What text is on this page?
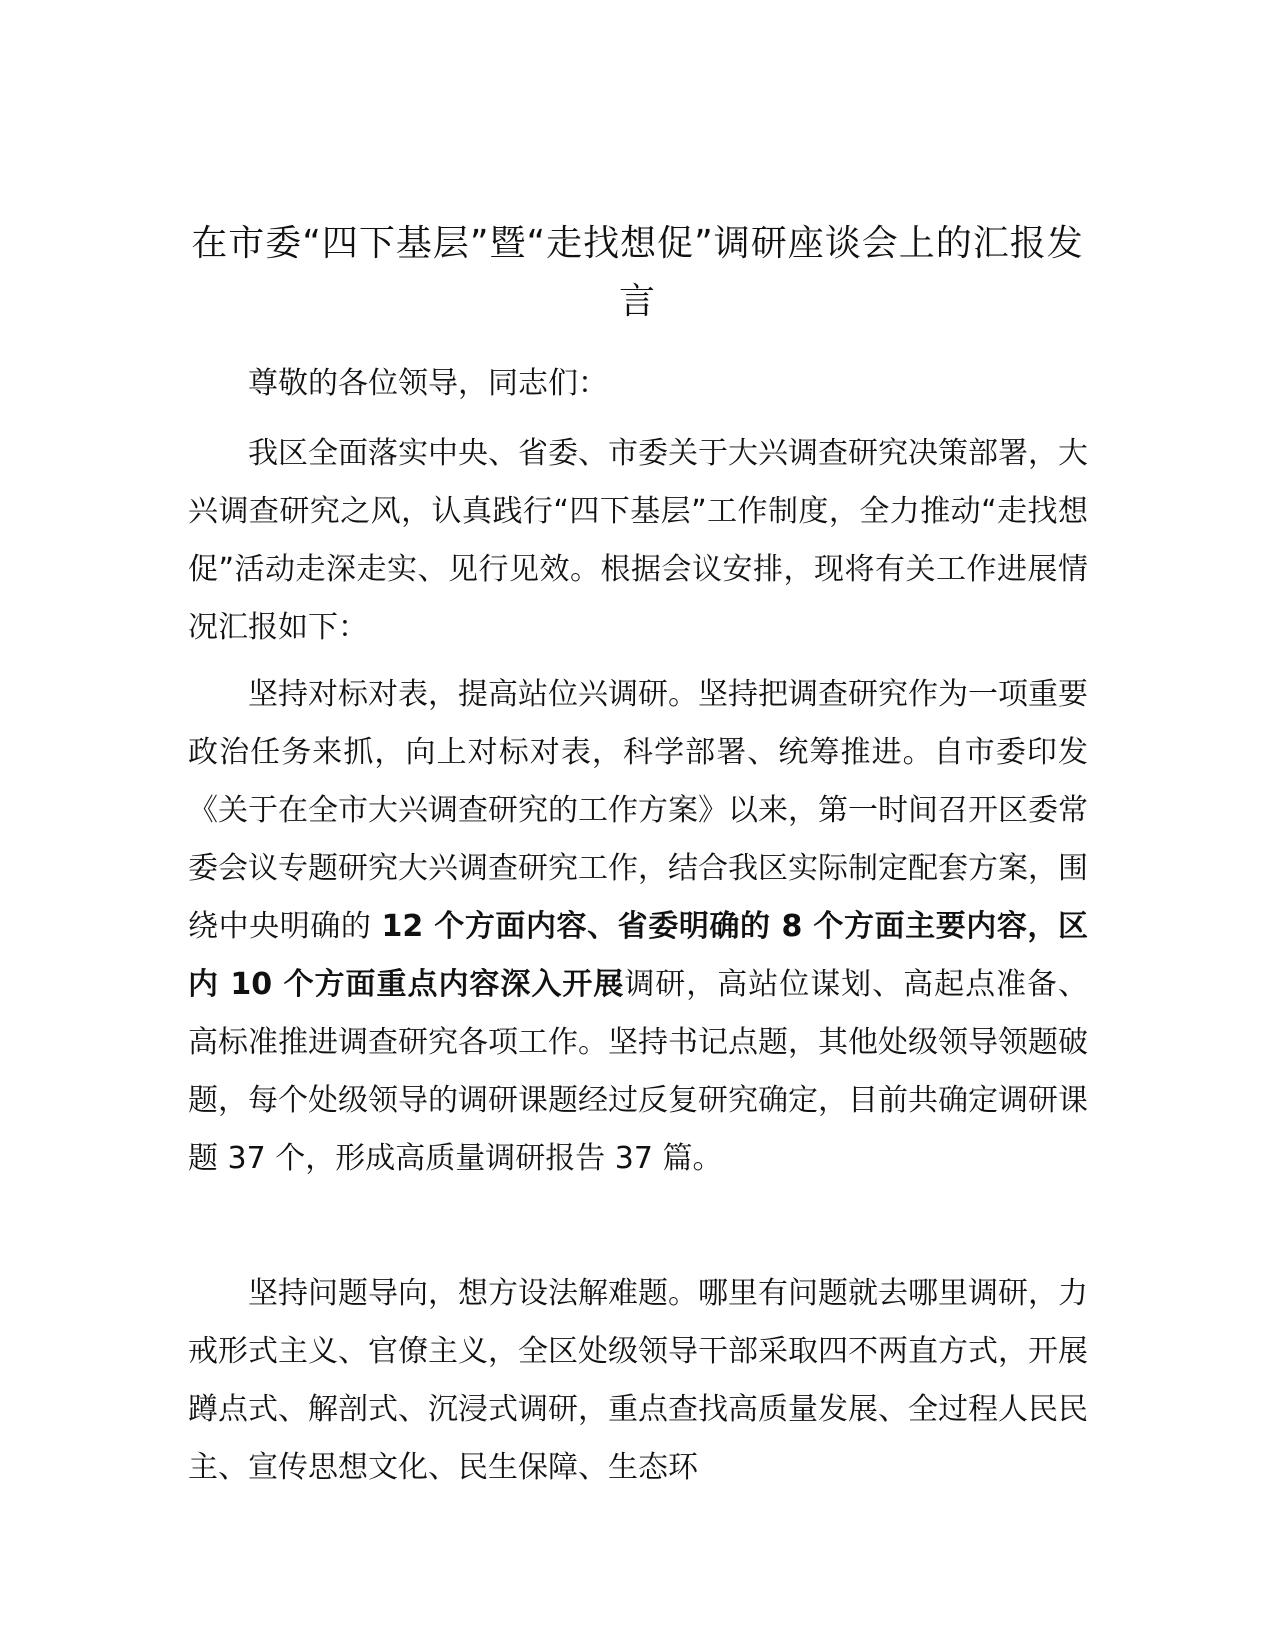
在市委“四下基层”暨“走找想促”调研座谈会上的汇报发言

尊敬的各位领导，同志们：

我区全面落实中央、省委、市委关于大兴调查研究决策部署，大兴调查研究之风，认真践行“四下基层”工作制度，全力推动“走找想促”活动走深走实、见行见效。根据会议安排，现将有关工作进展情况汇报如下：

坚持对标对表，提高站位兴调研。坚持把调查研究作为一项重要政治任务来抓，向上对标对表，科学部署、统筹推进。自市委印发《关于在全市大兴调查研究的工作方案》以来，第一时间召开区委常委会议专题研究大兴调查研究工作，结合我区实际制定配套方案，围绕中央明确的 12 个方面内容、省委明确的 8 个方面主要内容，区内 10 个方面重点内容深入开展调研，高站位谋划、高起点准备、高标准推进调查研究各项工作。坚持书记点题，其他处级领导领题破题，每个处级领导的调研课题经过反复研究确定，目前共确定调研课题 37 个，形成高质量调研报告 37 篇。

坚持问题导向，想方设法解难题。哪里有问题就去哪里调研，力戒形式主义、官僚主义，全区处级领导干部采取四不两直方式，开展蹲点式、解剖式、沉浸式调研，重点查找高质量发展、全过程人民民主、宣传思想文化、民生保障、生态环
